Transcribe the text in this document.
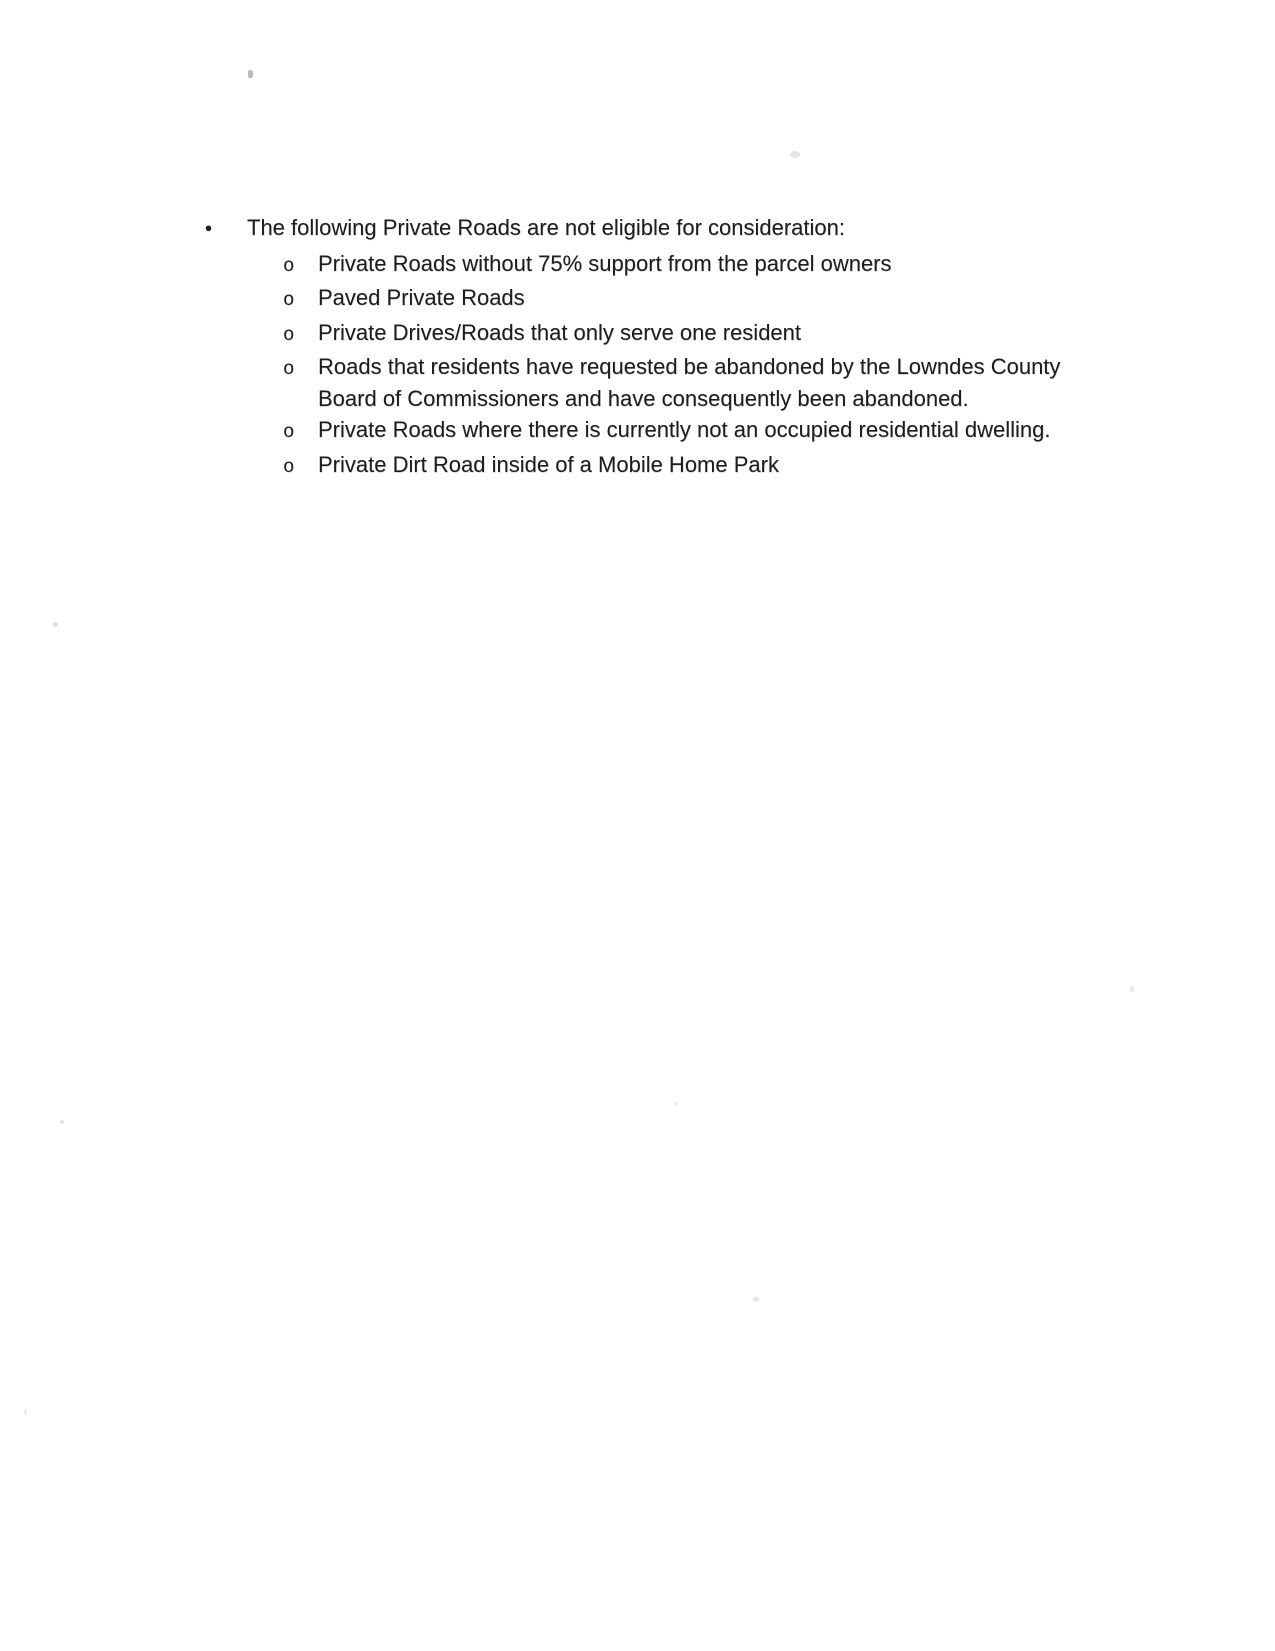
•	The following Private Roads are not eligible for consideration:
o	Private Roads without 75% support from the parcel owners
o	Paved Private Roads
o	Private Drives/Roads that only serve one resident
o	Roads that residents have requested be abandoned by the Lowndes County Board of Commissioners and have consequently been abandoned.
o	Private Roads where there is currently not an occupied residential dwelling.
o	Private Dirt Road inside of a Mobile Home Park
